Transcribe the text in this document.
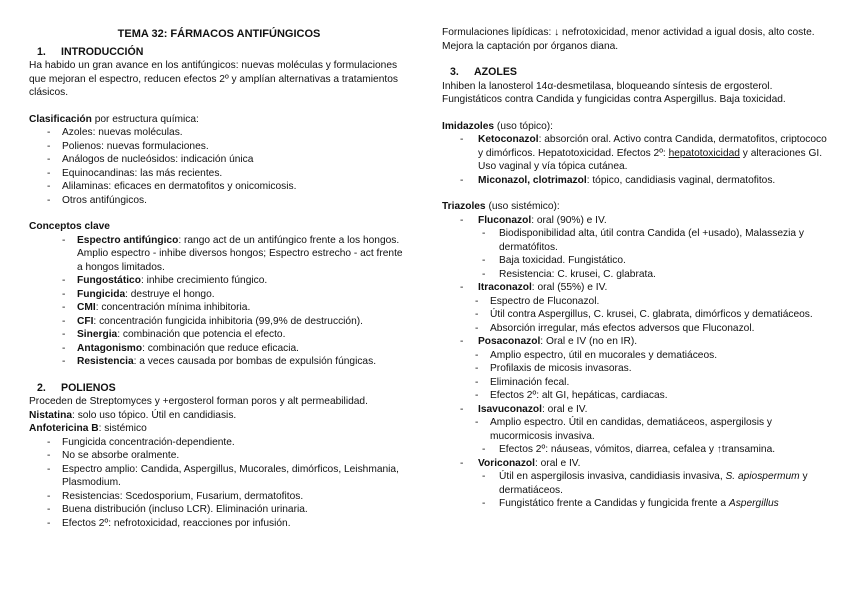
TEMA 32: FÁRMACOS ANTIFÚNGICOS

1. INTRODUCCIÓN

Ha habido un gran avance en los antifúngicos: nuevas moléculas y formulaciones que mejoran el espectro, reducen efectos 2º y amplían alternativas a tratamientos clásicos.

Clasificación por estructura química:

- Azoles: nuevas moléculas.
- Polienos: nuevas formulaciones.
- Análogos de nucleósidos: indicación única
- Equinocandinas: las más recientes.
- Alilaminas: eficaces en dermatofitos y onicomicosis.
- Otros antifúngicos.

Conceptos clave

- Espectro antifúngico: rango act de un antifúngico frente a los hongos. Amplio espectro - inhibe diversos hongos; Espectro estrecho - act frente a hongos limitados.
- Fungostático: inhibe crecimiento fúngico.
- Fungicida: destruye el hongo.
- CMI: concentración mínima inhibitoria.
- CFI: concentración fungicida inhibitoria (99,9% de destrucción).
- Sinergia: combinación que potencia el efecto.
- Antagonismo: combinación que reduce eficacia.
- Resistencia: a veces causada por bombas de expulsión fúngicas.
2. POLIENOS

Proceden de Streptomyces y +ergosterol forman poros y alt permeabilidad.

Nistatina: solo uso tópico. Útil en candidiasis.

Anfotericina B: sistémico

- Fungicida concentración-dependiente.
- No se absorbe oralmente.
- Espectro amplio: Candida, Aspergillus, Mucorales, dimórficos, Leishmania, Plasmodium.
- Resistencias: Scedosporium, Fusarium, dermatofitos.
- Buena distribución (incluso LCR). Eliminación urinaria.
- Efectos 2º: nefrotoxicidad, reacciones por infusión.

Formulaciones lipídicas: ↓ nefrotoxicidad, menor actividad a igual dosis, alto coste. Mejora la captación por órganos diana.

3. AZOLES

Inhiben la lanosterol 14α-desmetilasa, bloqueando síntesis de ergosterol. Fungistáticos contra Candida y fungicidas contra Aspergillus. Baja toxicidad.

Imidazoles (uso tópico):

- Ketoconazol: absorción oral. Activo contra Candida, dermatofitos, criptococo y dimórficos. Hepatotoxicidad. Efectos 2º: hepatotoxicidad y alteraciones GI. Uso vaginal y vía tópica cutánea.
- Miconazol, clotrimazol: tópico, candidiasis vaginal, dermatofitos.

Triazoles (uso sistémico):

- Fluconazol: oral (90%) e IV.
- Biodisponibilidad alta, útil contra Candida (el +usado), Malassezia y dermatófitos.
- Baja toxicidad. Fungistático.
- Resistencia: C. krusei, C. glabrata.
- Itraconazol: oral (55%) e IV.
- Espectro de Fluconazol.
- Útil contra Aspergillus, C. krusei, C. glabrata, dimórficos y dematiáceos.
- Absorción irregular, más efectos adversos que Fluconazol.
- Posaconazol: Oral e IV (no en IR).
- Amplio espectro, útil en mucorales y dematiáceos.
- Profilaxis de micosis invasoras.
- Eliminación fecal.
- Efectos 2º: alt GI, hepáticas, cardiacas.
- Isavuconazol: oral e IV.
- Amplio espectro. Útil en candidas, dematiáceos, aspergilosis y mucormicosis invasiva.
- Efectos 2º: náuseas, vómitos, diarrea, cefalea y ↑transamina.
- Voriconazol: oral e IV.
- Útil en aspergilosis invasiva, candidiasis invasiva, S. apiospermum y dermatiáceos.
- Fungistático frente a Candidas y fungicida frente a Aspergillus
